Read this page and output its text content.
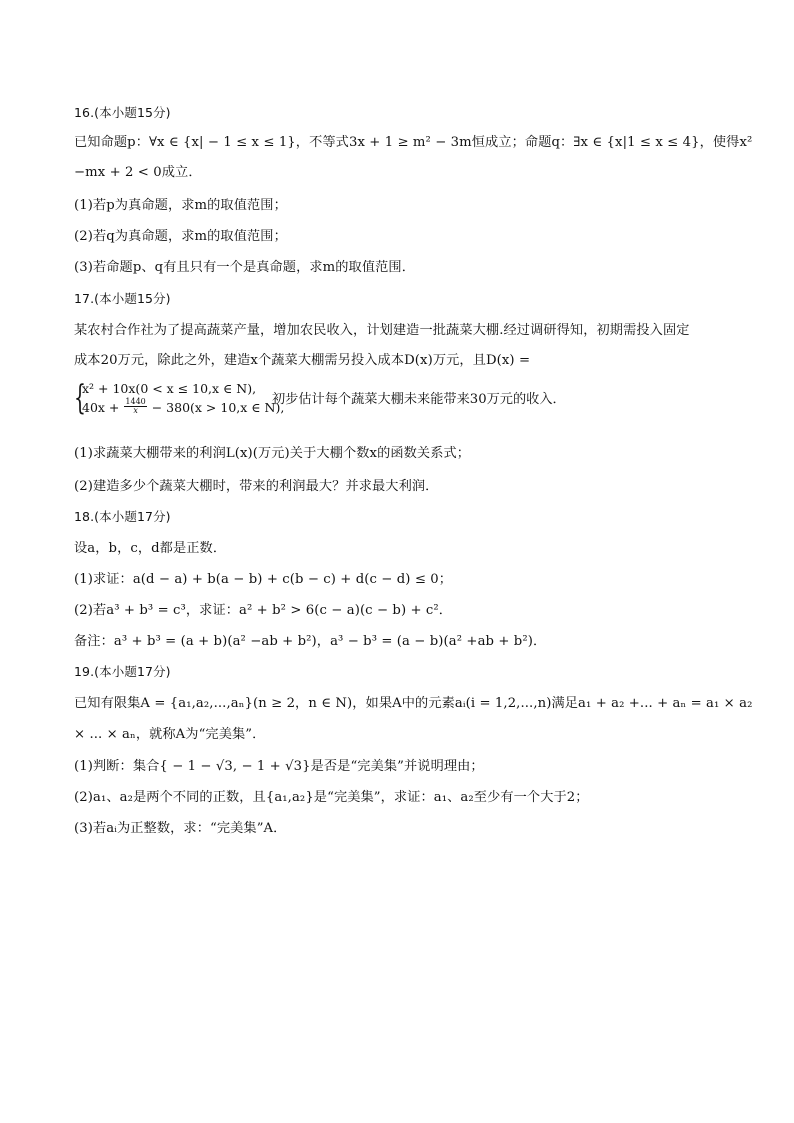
16.(本小题15分)
已知命题p：∀x ∈ {x| − 1 ≤ x ≤ 1}，不等式3x + 1 ≥ m² − 3m恒成立；命题q：∃x ∈ {x|1 ≤ x ≤ 4}，使得x²
−mx + 2 < 0成立．
(1)若p为真命题，求m的取值范围；
(2)若q为真命题，求m的取值范围；
(3)若命题p、q有且只有一个是真命题，求m的取值范围．
17.(本小题15分)
某农村合作社为了提高蔬菜产量，增加农民收入，计划建造一批蔬菜大棚.经过调研得知，初期需投入固定
成本20万元，除此之外，建造x个蔬菜大棚需另投入成本D(x)万元，且D(x) =
{
x² + 10x(0 < x ≤ 10,x ∈ N),
$40x + \frac{1440}{x} - 380(x > 10,x$ ∈ N),
初步估计每个蔬菜大棚未来能带来30万元的收入．
(1)求蔬菜大棚带来的利润L(x)(万元)关于大棚个数x的函数关系式；
(2)建造多少个蔬菜大棚时，带来的利润最大？并求最大利润．
18.(本小题17分)
设a，b，c，d都是正数．
(1)求证：a(d − a) + b(a − b) + c(b − c) + d(c − d) ≤ 0；
(2)若a³ + b³ = c³，求证：a² + b² > 6(c − a)(c − b) + c²．
备注：a³ + b³ = (a + b)(a² −ab + b²)，a³ − b³ = (a − b)(a² +ab + b²)．
19.(本小题17分)
已知有限集A = {a₁,a₂,...,aₙ}(n ≥ 2，n ∈ N)，如果A中的元素aᵢ(i = 1,2,...,n)满足a₁ + a₂ +... + aₙ = a₁ × a₂
× ... × aₙ，就称A为“完美集”．
(1)判断：集合{ − 1 − √3, − 1 + √3}是否是“完美集”并说明理由；
(2)a₁、a₂是两个不同的正数，且{a₁,a₂}是“完美集”，求证：a₁、a₂至少有一个大于2；
(3)若aᵢ为正整数，求：“完美集”A．
